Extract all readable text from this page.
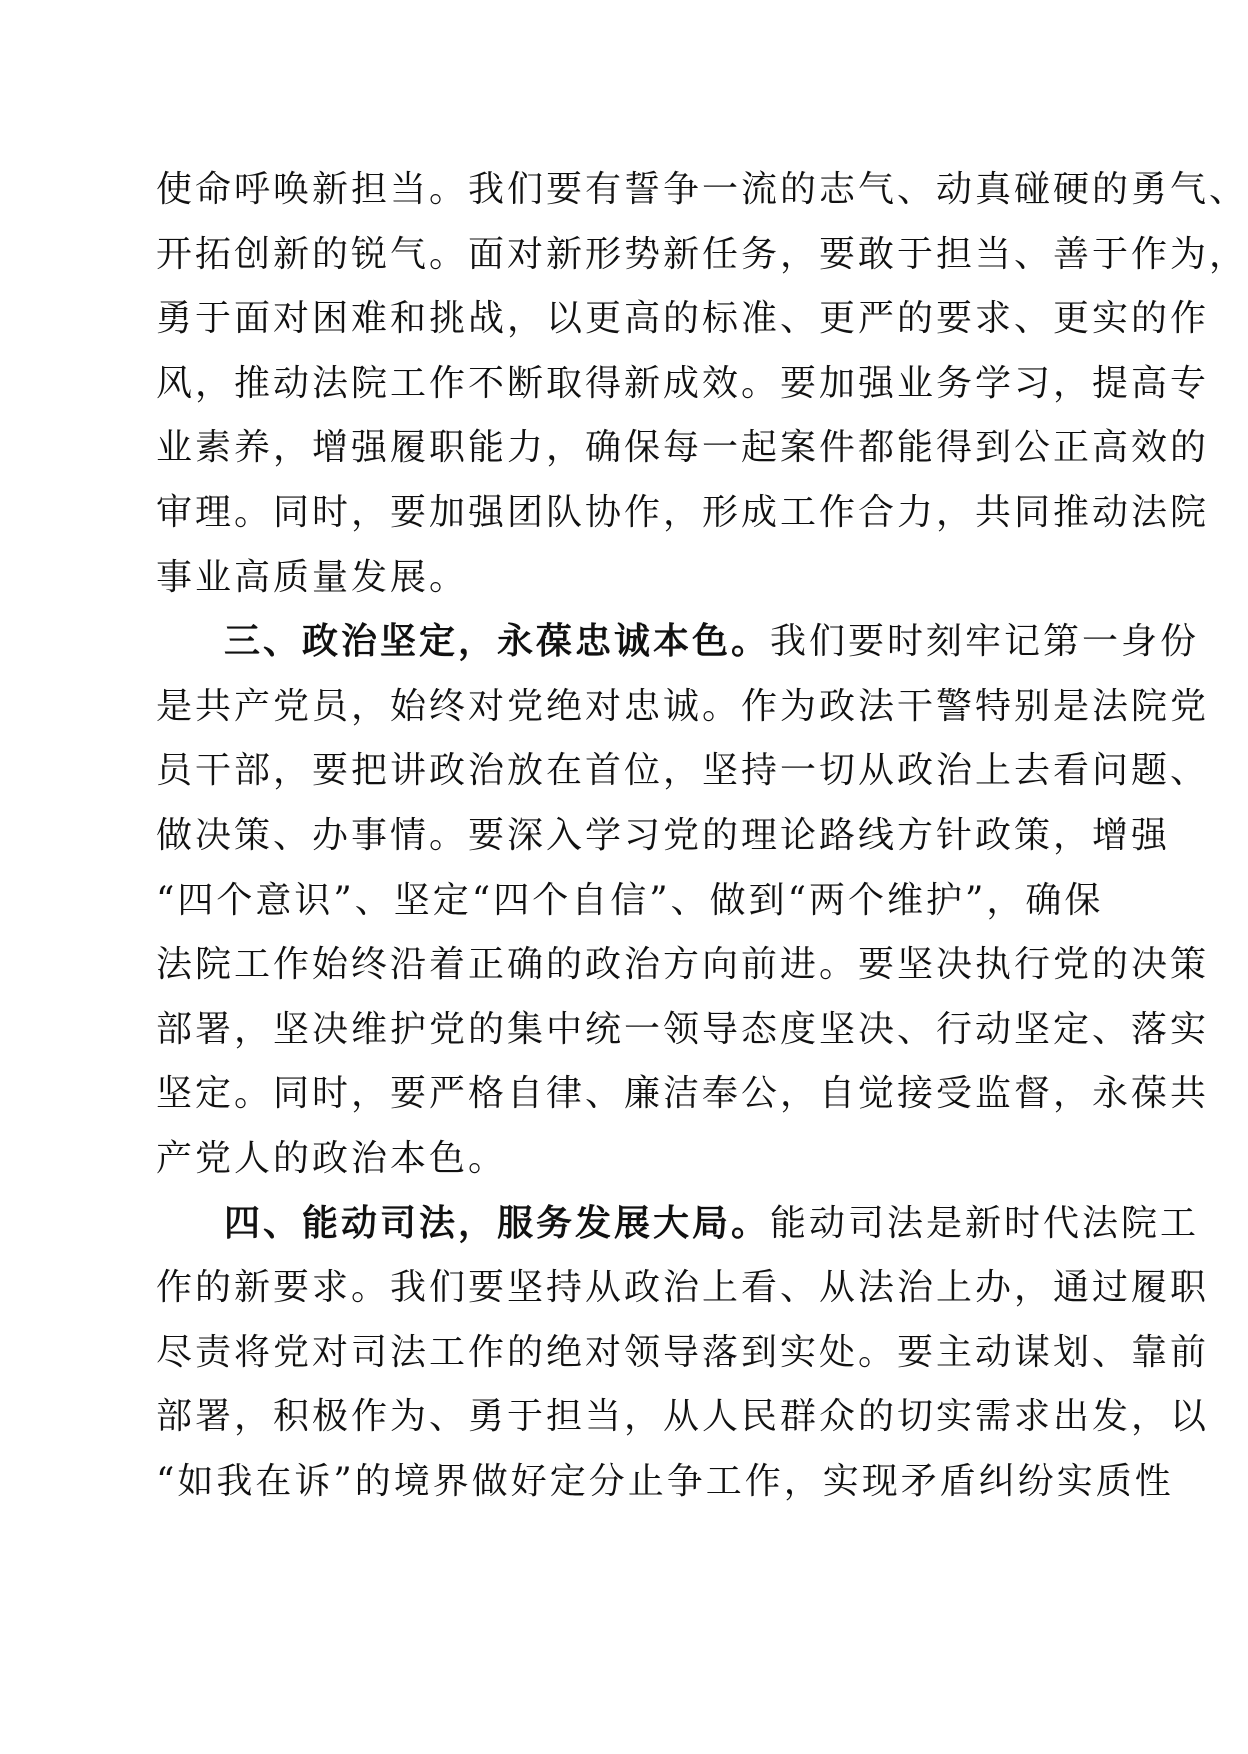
使命呼唤新担当。我们要有誓争一流的志气、动真碰硬的勇气、
开拓创新的锐气。面对新形势新任务，要敢于担当、善于作为，
勇于面对困难和挑战，以更高的标准、更严的要求、更实的作
风，推动法院工作不断取得新成效。要加强业务学习，提高专
业素养，增强履职能力，确保每一起案件都能得到公正高效的
审理。同时，要加强团队协作，形成工作合力，共同推动法院
事业高质量发展。
三、政治坚定，永葆忠诚本色。我们要时刻牢记第一身份
是共产党员，始终对党绝对忠诚。作为政法干警特别是法院党
员干部，要把讲政治放在首位，坚持一切从政治上去看问题、
做决策、办事情。要深入学习党的理论路线方针政策，增强
“四个意识”、坚定“四个自信”、做到“两个维护”，确保
法院工作始终沿着正确的政治方向前进。要坚决执行党的决策
部署，坚决维护党的集中统一领导态度坚决、行动坚定、落实
坚定。同时，要严格自律、廉洁奉公，自觉接受监督，永葆共
产党人的政治本色。
四、能动司法，服务发展大局。能动司法是新时代法院工
作的新要求。我们要坚持从政治上看、从法治上办，通过履职
尽责将党对司法工作的绝对领导落到实处。要主动谋划、靠前
部署，积极作为、勇于担当，从人民群众的切实需求出发，以
“如我在诉”的境界做好定分止争工作，实现矛盾纠纷实质性
